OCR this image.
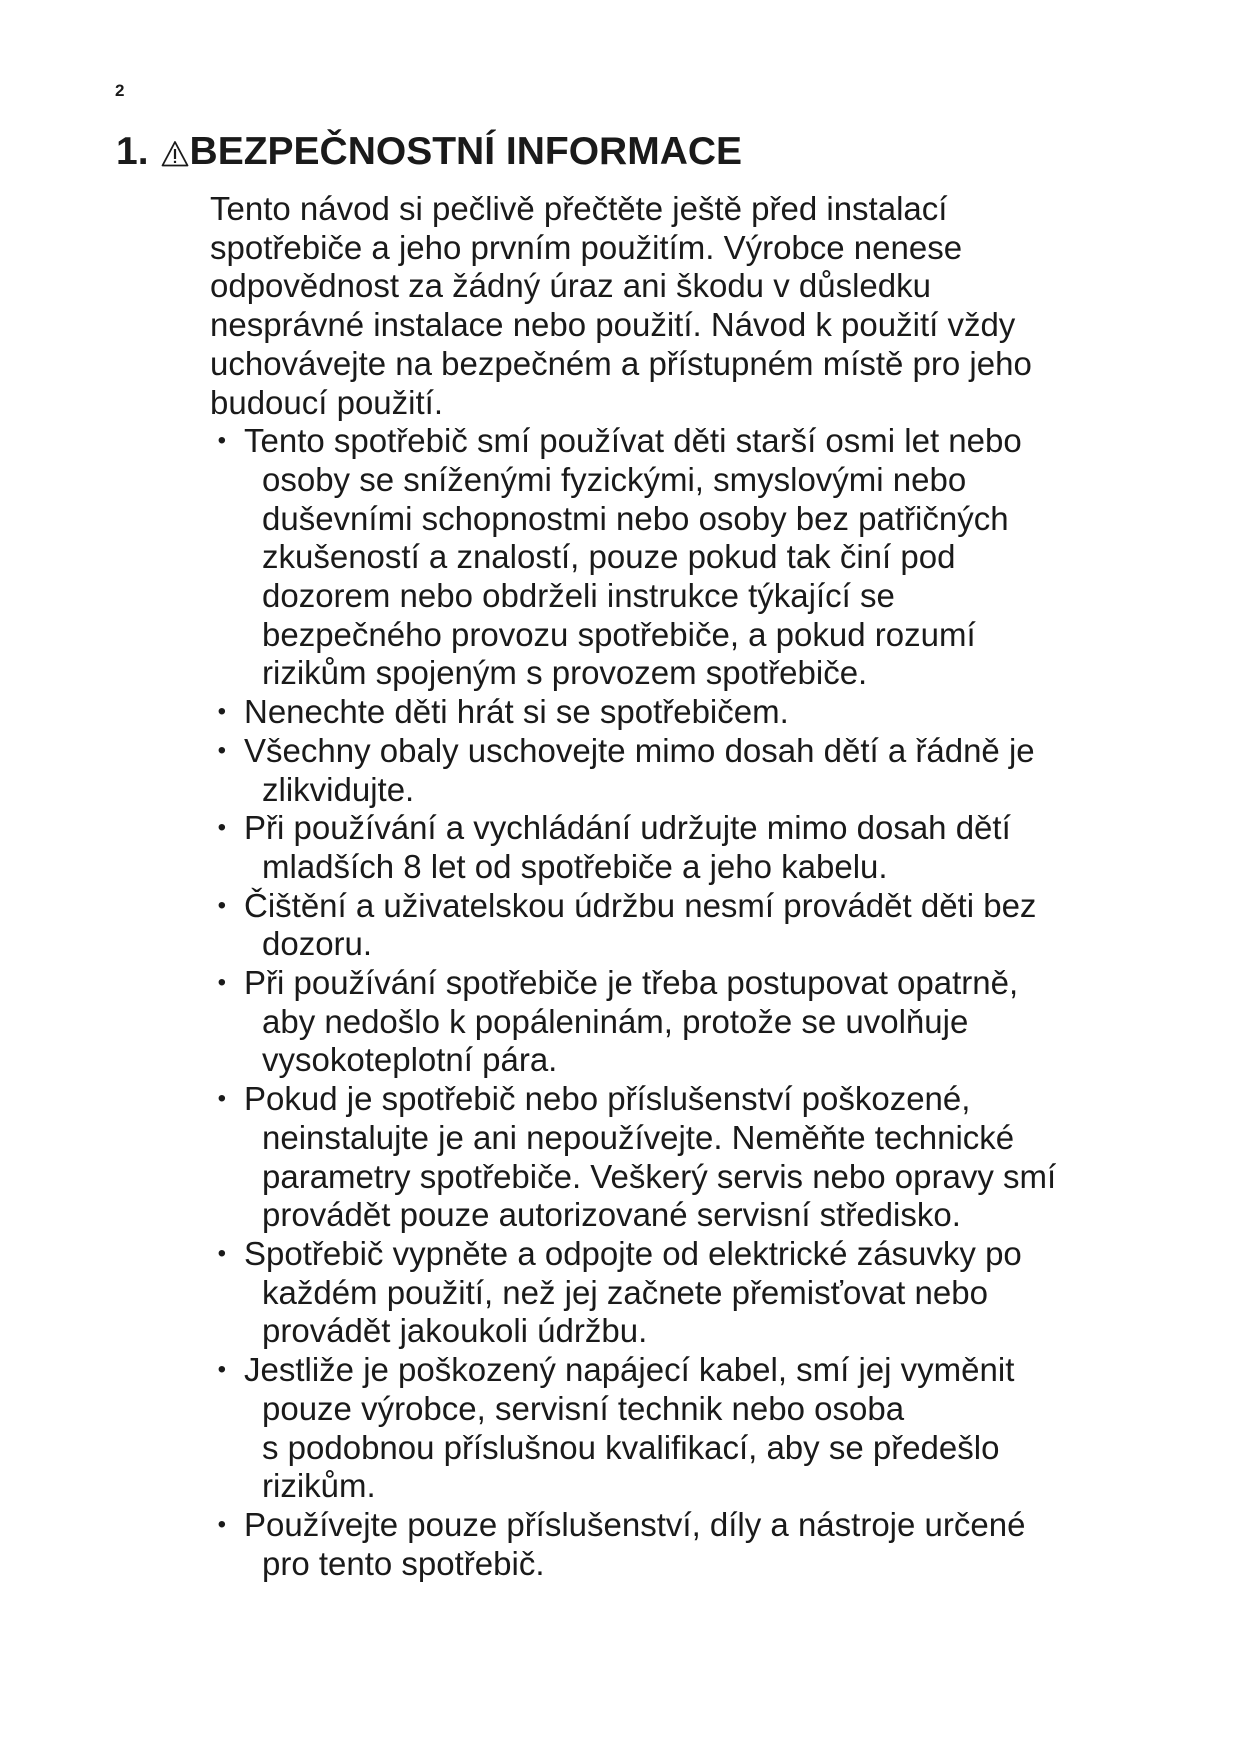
2
1. BEZPEČNOSTNÍ INFORMACE

Tento návod si pečlivě přečtěte ještě před instalací
spotřebiče a jeho prvním použitím. Výrobce nenese
odpovědnost za žádný úraz ani škodu v důsledku
nesprávné instalace nebo použití. Návod k použití vždy
uchovávejte na bezpečném a přístupném místě pro jeho
budoucí použití.

• Tento spotřebič smí používat děti starší osmi let nebo
osoby se sníženými fyzickými, smyslovými nebo
duševními schopnostmi nebo osoby bez patřičných
zkušeností a znalostí, pouze pokud tak činí pod
dozorem nebo obdrželi instrukce týkající se
bezpečného provozu spotřebiče, a pokud rozumí
rizikům spojeným s provozem spotřebiče.
• Nenechte děti hrát si se spotřebičem.
• Všechny obaly uschovejte mimo dosah dětí a řádně je
zlikvidujte.
• Při používání a vychládání udržujte mimo dosah dětí
mladších 8 let od spotřebiče a jeho kabelu.
• Čištění a uživatelskou údržbu nesmí provádět děti bez
dozoru.
• Při používání spotřebiče je třeba postupovat opatrně,
aby nedošlo k popáleninám, protože se uvolňuje
vysokoteplotní pára.
• Pokud je spotřebič nebo příslušenství poškozené,
neinstalujte je ani nepoužívejte. Neměňte technické
parametry spotřebiče. Veškerý servis nebo opravy smí
provádět pouze autorizované servisní středisko.
• Spotřebič vypněte a odpojte od elektrické zásuvky po
každém použití, než jej začnete přemisťovat nebo
provádět jakoukoli údržbu.
• Jestliže je poškozený napájecí kabel, smí jej vyměnit
pouze výrobce, servisní technik nebo osoba
s podobnou příslušnou kvalifikací, aby se předešlo
rizikům.
• Používejte pouze příslušenství, díly a nástroje určené
pro tento spotřebič.
